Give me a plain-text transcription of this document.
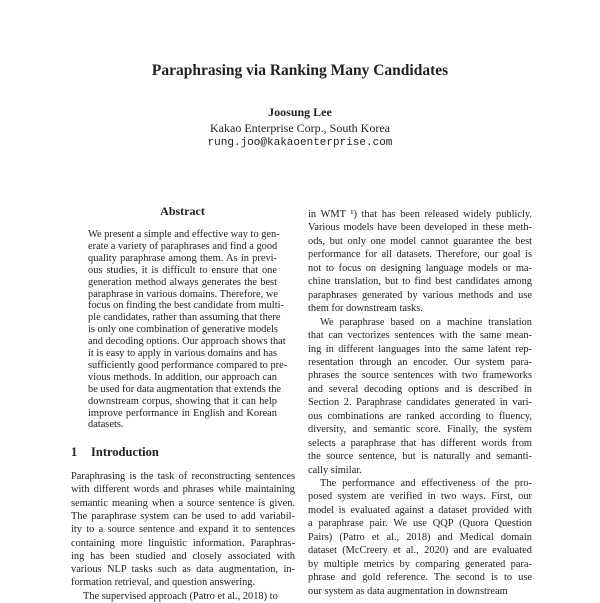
Paraphrasing via Ranking Many Candidates
Joosung Lee
Kakao Enterprise Corp., South Korea
rung.joo@kakaoenterprise.com
Abstract
We present a simple and effective way to gen-
erate a variety of paraphrases and find a good
quality paraphrase among them. As in previ-
ous studies, it is difficult to ensure that one
generation method always generates the best
paraphrase in various domains. Therefore, we
focus on finding the best candidate from multi-
ple candidates, rather than assuming that there
is only one combination of generative models
and decoding options. Our approach shows that
it is easy to apply in various domains and has
sufficiently good performance compared to pre-
vious methods. In addition, our approach can
be used for data augmentation that extends the
downstream corpus, showing that it can help
improve performance in English and Korean
datasets.
1 Introduction
Paraphrasing is the task of reconstructing sentences
with different words and phrases while maintaining
semantic meaning when a source sentence is given.
The paraphrase system can be used to add variabil-
ity to a source sentence and expand it to sentences
containing more linguistic information. Paraphras-
ing has been studied and closely associated with
various NLP tasks such as data augmentation, in-
formation retrieval, and question answering.
The supervised approach (Patro et al., 2018) to
in WMT ¹) that has been released widely publicly.
Various models have been developed in these meth-
ods, but only one model cannot guarantee the best
performance for all datasets. Therefore, our goal is
not to focus on designing language models or ma-
chine translation, but to find best candidates among
paraphrases generated by various methods and use
them for downstream tasks.
We paraphrase based on a machine translation
that can vectorizes sentences with the same mean-
ing in different languages into the same latent rep-
resentation through an encoder. Our system para-
phrases the source sentences with two frameworks
and several decoding options and is described in
Section 2. Paraphrase candidates generated in vari-
ous combinations are ranked according to fluency,
diversity, and semantic score. Finally, the system
selects a paraphrase that has different words from
the source sentence, but is naturally and semanti-
cally similar.
The performance and effectiveness of the pro-
posed system are verified in two ways. First, our
model is evaluated against a dataset provided with
a paraphrase pair. We use QQP (Quora Question
Pairs) (Patro et al., 2018) and Medical domain
dataset (McCreery et al., 2020) and are evaluated
by multiple metrics by comparing generated para-
phrase and gold reference. The second is to use
our system as data augmentation in downstream
